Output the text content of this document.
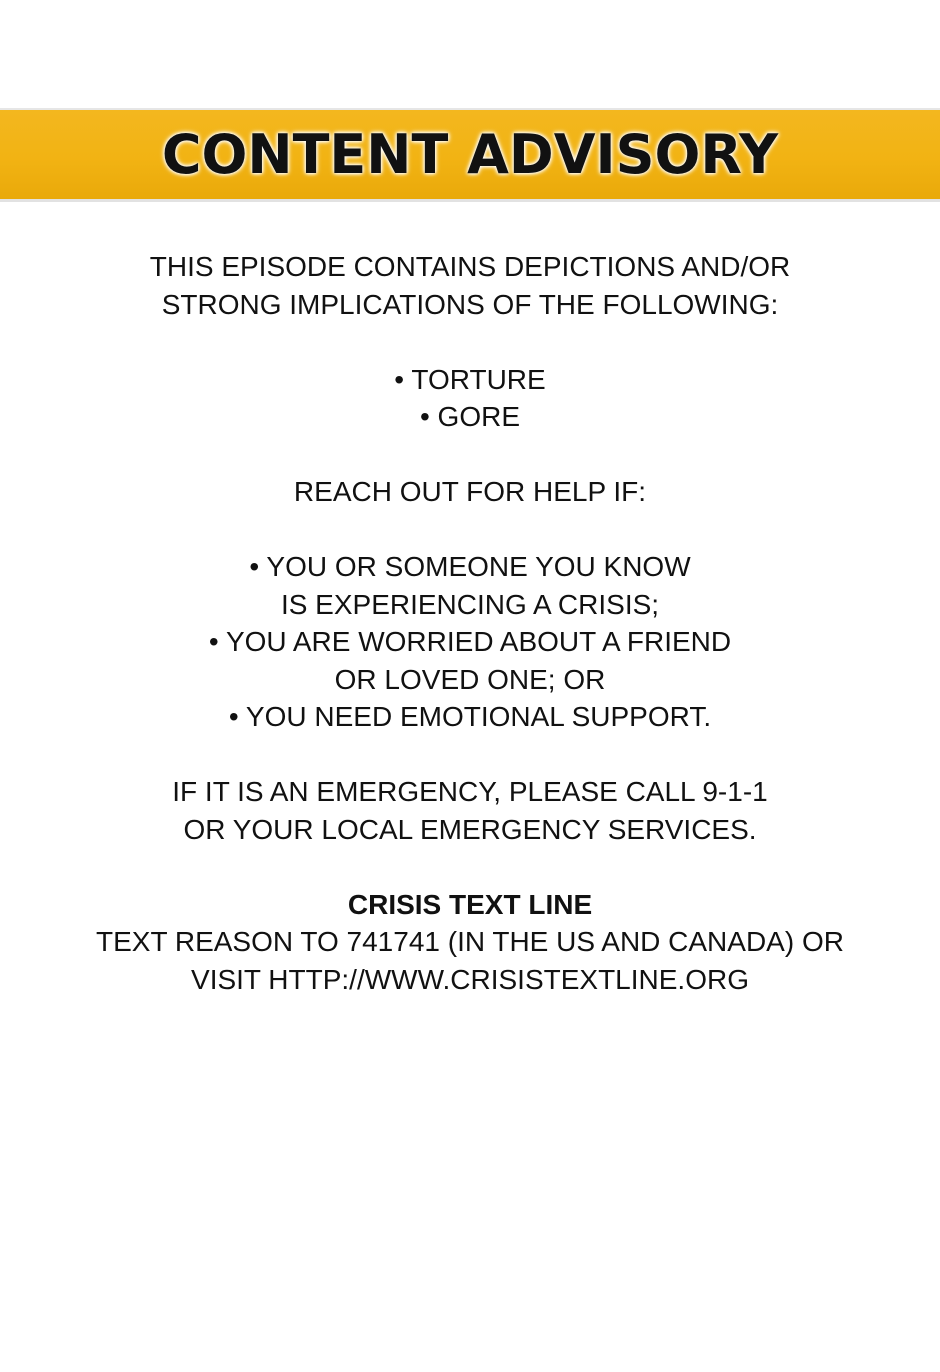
CONTENT ADVISORY
THIS EPISODE CONTAINS DEPICTIONS AND/OR
STRONG IMPLICATIONS OF THE FOLLOWING:
• TORTURE
• GORE
REACH OUT FOR HELP IF:
• YOU OR SOMEONE YOU KNOW
IS EXPERIENCING A CRISIS;
• YOU ARE WORRIED ABOUT A FRIEND
OR LOVED ONE; OR
• YOU NEED EMOTIONAL SUPPORT.
IF IT IS AN EMERGENCY, PLEASE CALL 9-1-1
OR YOUR LOCAL EMERGENCY SERVICES.
CRISIS TEXT LINE
TEXT REASON TO 741741 (IN THE US AND CANADA) OR
VISIT HTTP://WWW.CRISISTEXTLINE.ORG
